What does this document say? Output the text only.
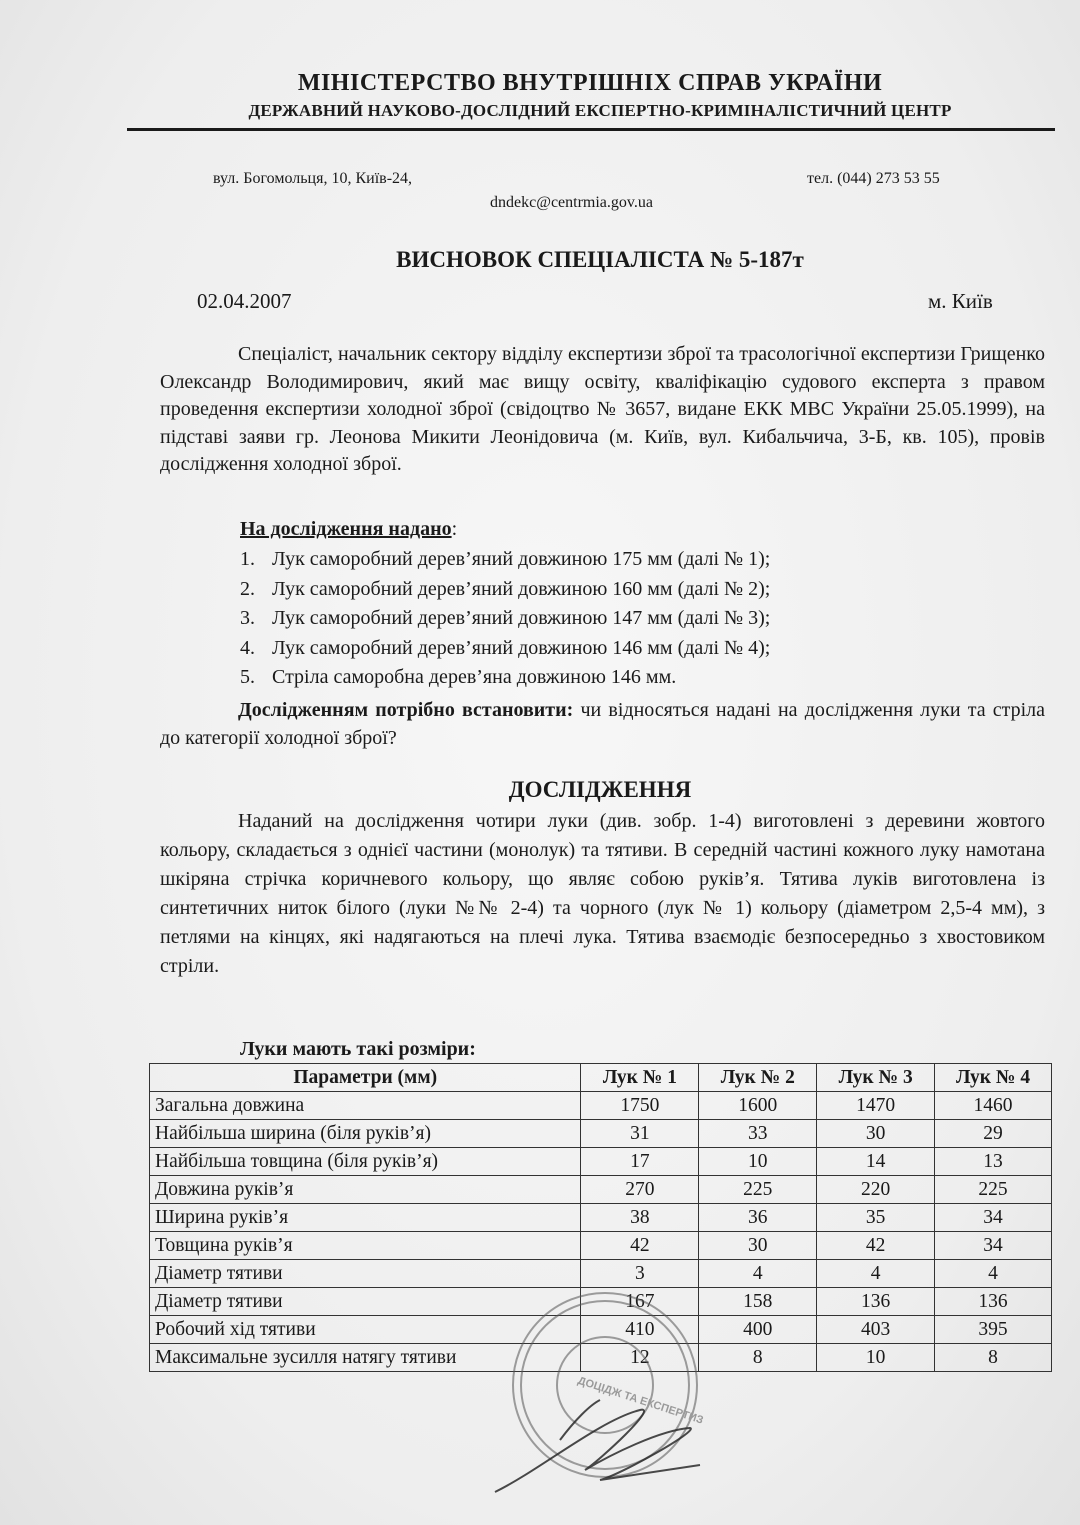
МІНІСТЕРСТВО ВНУТРІШНІХ СПРАВ УКРАЇНИ

ДЕРЖАВНИЙ НАУКОВО-ДОСЛІДНИЙ ЕКСПЕРТНО-КРИМІНАЛІСТИЧНИЙ ЦЕНТР

вул. Богомольця, 10, Київ-24,	тел. (044) 273 53 55

dndekc@centrmia.gov.ua

ВИСНОВОК СПЕЦІАЛІСТА № 5-187т

02.04.2007	м. Київ

Спеціаліст, начальник сектору відділу експертизи зброї та трасологічної експертизи Грищенко Олександр Володимирович, який має вищу освіту, кваліфікацію судового експерта з правом проведення експертизи холодної зброї (свідоцтво № 3657, видане ЕКК МВС України 25.05.1999), на підставі заяви гр. Леонова Микити Леонідовича (м. Київ, вул. Кибальчича, 3-Б, кв. 105), провів дослідження холодної зброї.

На дослідження надано:

1. Лук саморобний дерев’яний довжиною 175 мм (далі № 1);
2. Лук саморобний дерев’яний довжиною 160 мм (далі № 2);
3. Лук саморобний дерев’яний довжиною 147 мм (далі № 3);
4. Лук саморобний дерев’яний довжиною 146 мм (далі № 4);
5. Стріла саморобна дерев’яна довжиною 146 мм.

Дослідженням потрібно встановити: чи відносяться надані на дослідження луки та стріла до категорії холодної зброї?

ДОСЛІДЖЕННЯ

Наданий на дослідження чотири луки (див. зобр. 1-4) виготовлені з деревини жовтого кольору, складається з однієї частини (монолук) та тятиви. В середній частині кожного луку намотана шкіряна стрічка коричневого кольору, що являє собою руків’я. Тятива луків виготовлена із синтетичних ниток білого (луки №№ 2-4) та чорного (лук № 1) кольору (діаметром 2,5-4 мм), з петлями на кінцях, які надягаються на плечі лука. Тятива взаємодіє безпосередньо з хвостовиком стріли.

Луки мають такі розміри:

Параметри (мм)	Лук № 1	Лук № 2	Лук № 3	Лук № 4
Загальна довжина	1750	1600	1470	1460
Найбільша ширина (біля руків’я)	31	33	30	29
Найбільша товщина (біля руків’я)	17	10	14	13
Довжина руків’я	270	225	220	225
Ширина руків’я	38	36	35	34
Товщина руків’я	42	30	42	34
Діаметр тятиви	3	4	4	4
Діаметр тятиви	167	158	136	136
Робочий хід тятиви	410	400	403	395
Максимальне зусилля натягу тятиви	12	8	10	8
ДОЦІДЖ ТА ЕКСПЕРТИЗ
